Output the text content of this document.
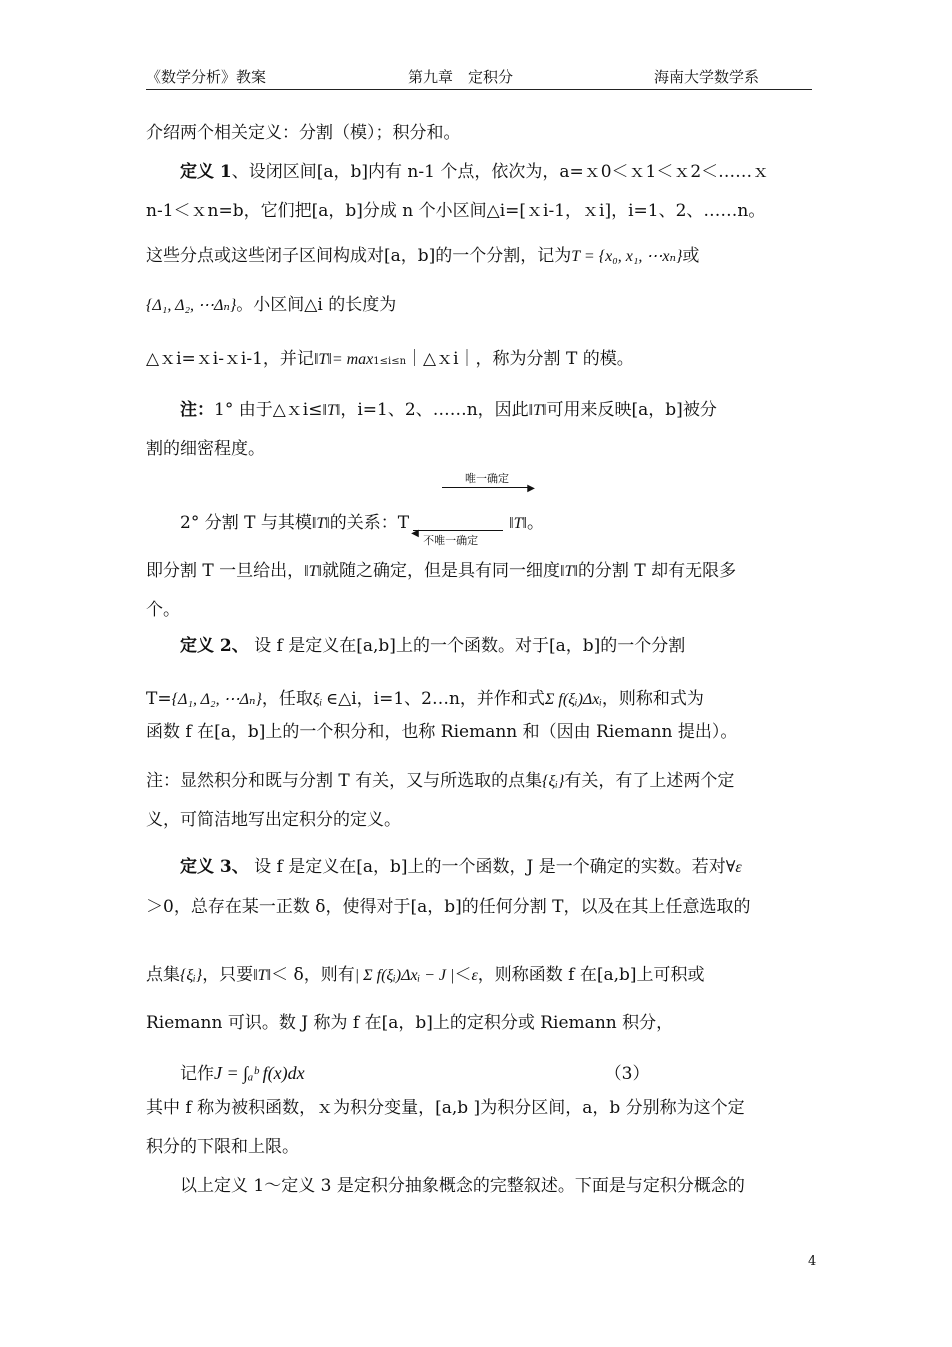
《数学分析》教案	第九章　定积分	海南大学数学系
介绍两个相关定义：分割（模）；积分和。
定义 1、设闭区间[a，b]内有 n-1 个点，依次为，a=ｘ0＜ｘ1＜ｘ2＜……ｘ
n-1＜ｘn=b，它们把[a，b]分成 n 个小区间△i=[ｘi-1，ｘi]，i=1、2、……n。
这些分点或这些闭子区间构成对[a，b]的一个分割，记为T = {x₀, x₁, ⋯xₙ}或
{Δ₁, Δ₂, ⋯Δₙ}。小区间△i 的长度为
△ｘi=ｘi-ｘi-1，并记‖T‖= max1≤i≤n｜△ｘi｜，称为分割 T 的模。
注：1° 由于△ｘi≤‖T‖，i=1、2、……n，因此‖T‖可用来反映[a，b]被分
割的细密程度。
唯一确定
▶
2° 分割 T 与其模‖T‖的关系：T
◀
不唯一确定
‖T‖。
即分割 T 一旦给出，‖T‖就随之确定，但是具有同一细度‖T‖的分割 T 却有无限多
个。
定义 2、 设 f 是定义在[a,b]上的一个函数。对于[a，b]的一个分割
T={Δ₁, Δ₂, ⋯Δₙ}，任取ξᵢ ∈△i，i=1、2…n，并作和式Σ f(ξᵢ)Δxᵢ，则称和式为
函数 f 在[a，b]上的一个积分和，也称 Riemann 和（因由 Riemann 提出）。
注：显然积分和既与分割 T 有关，又与所选取的点集{ξᵢ}有关，有了上述两个定
义，可简洁地写出定积分的定义。
定义 3、 设 f 是定义在[a，b]上的一个函数，J 是一个确定的实数。若对∀ε
＞0，总存在某一正数 δ，使得对于[a，b]的任何分割 T，以及在其上任意选取的
点集{ξᵢ}，只要‖T‖＜ δ，则有| Σ f(ξᵢ)Δxᵢ − J |＜ε，则称函数 f 在[a,b]上可积或
Riemann 可识。数 J 称为 f 在[a，b]上的定积分或 Riemann 积分，
记作J = ∫ₐᵇ f(x)dx	（3）
其中 f 称为被积函数，ｘ为积分变量，[a,b ]为积分区间，a，b 分别称为这个定
积分的下限和上限。
以上定义 1～定义 3 是定积分抽象概念的完整叙述。下面是与定积分概念的
4
